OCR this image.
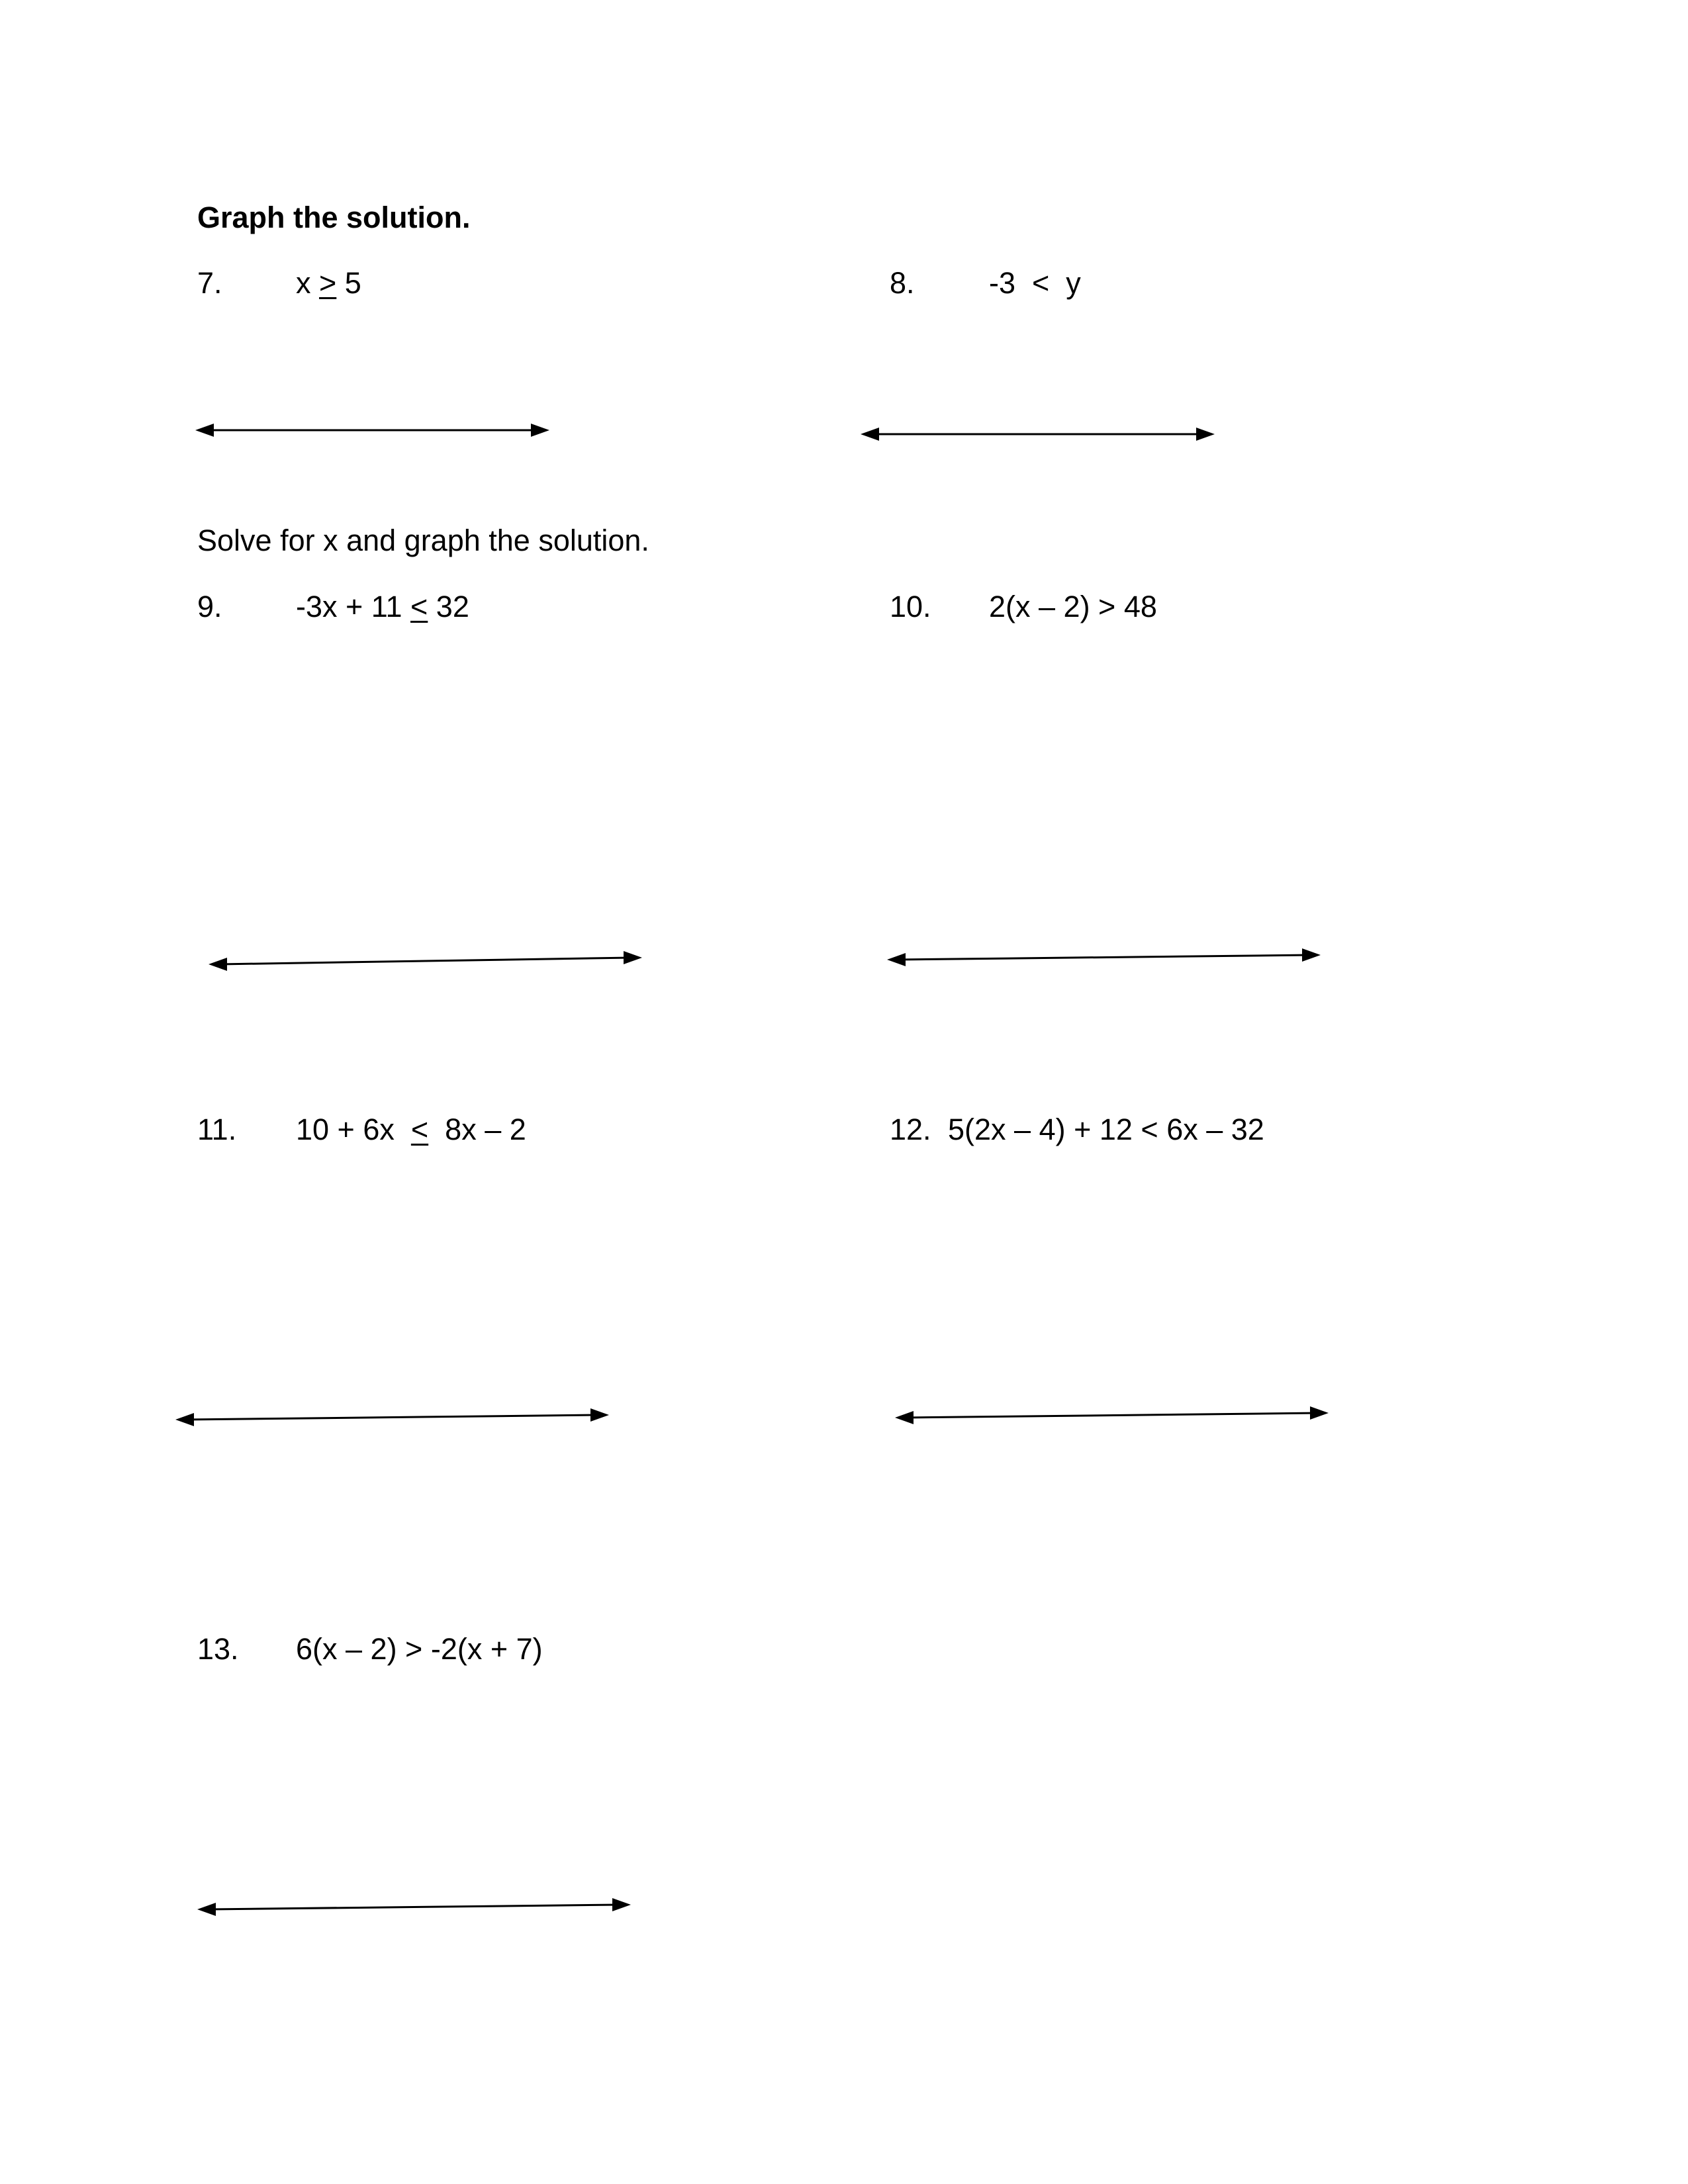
Graph the solution.
7. x > 5	8. -3  <  y
Solve for x and graph the solution.
9. -3x + 11 < 32	10. 2(x – 2) > 48
11. 10 + 6x  <  8x – 2	12. 5(2x – 4) + 12 < 6x – 32
13. 6(x – 2) > -2(x + 7)
